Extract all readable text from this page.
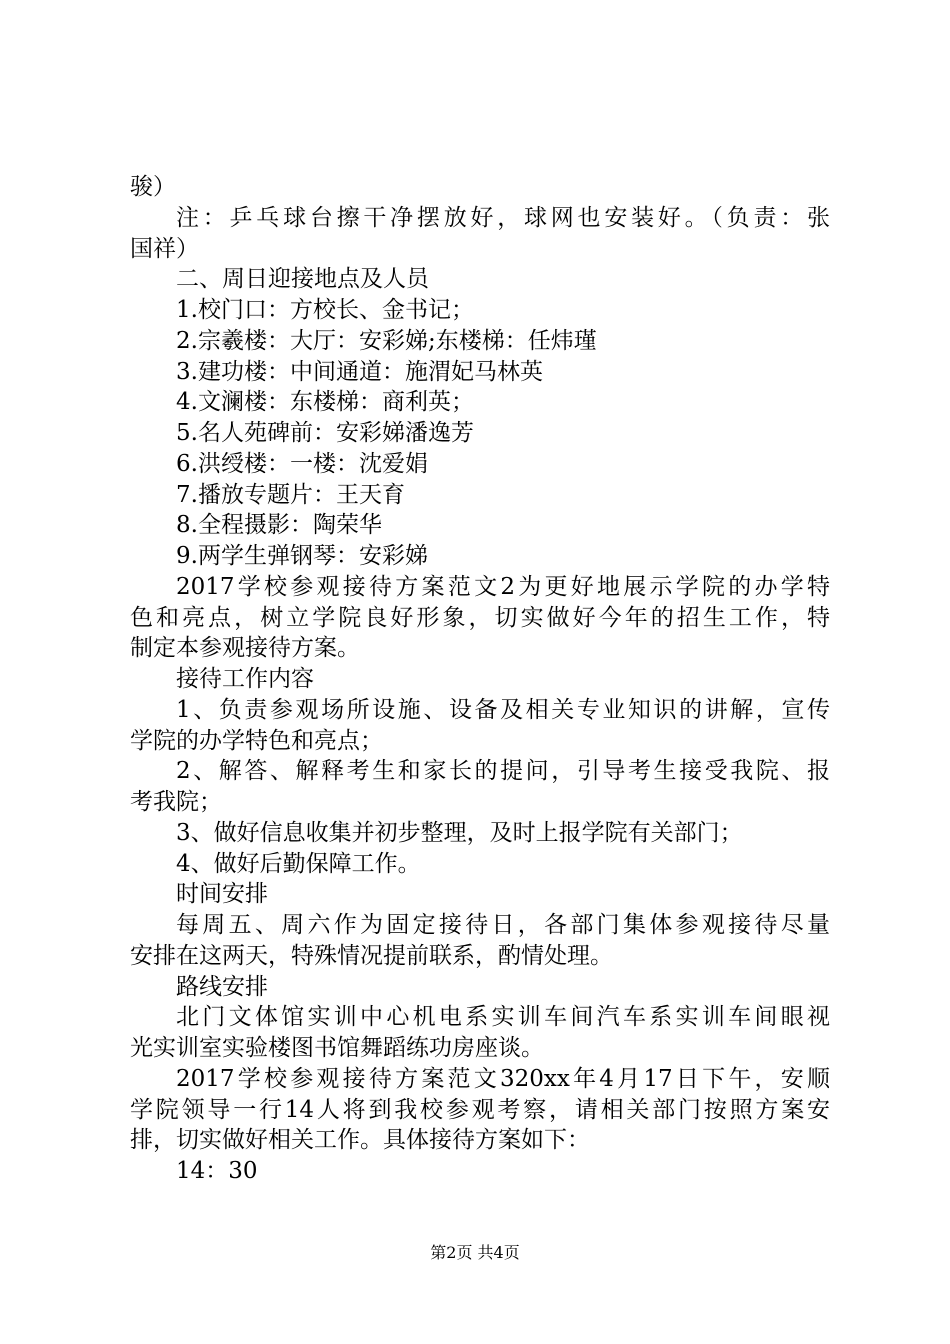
骏）
注：乒乓球台擦干净摆放好，球网也安装好。（负责：张
国祥）
二、周日迎接地点及人员
1.校门口：方校长、金书记；
2.宗羲楼：大厅：安彩娣;东楼梯：任炜瑾
3.建功楼：中间通道：施渭妃马林英
4.文澜楼：东楼梯：商利英；
5.名人苑碑前：安彩娣潘逸芳
6.洪绶楼：一楼：沈爱娟
7.播放专题片：王天育
8.全程摄影：陶荣华
9.两学生弹钢琴：安彩娣
2017学校参观接待方案范文2为更好地展示学院的办学特
色和亮点，树立学院良好形象，切实做好今年的招生工作，特
制定本参观接待方案。
接待工作内容
1、负责参观场所设施、设备及相关专业知识的讲解，宣传
学院的办学特色和亮点；
2、解答、解释考生和家长的提问，引导考生接受我院、报
考我院；
3、做好信息收集并初步整理，及时上报学院有关部门；
4、做好后勤保障工作。
时间安排
每周五、周六作为固定接待日，各部门集体参观接待尽量
安排在这两天，特殊情况提前联系，酌情处理。
路线安排
北门文体馆实训中心机电系实训车间汽车系实训车间眼视
光实训室实验楼图书馆舞蹈练功房座谈。
2017学校参观接待方案范文320xx年4月17日下午，安顺
学院领导一行14人将到我校参观考察，请相关部门按照方案安
排，切实做好相关工作。具体接待方案如下：
14：30
第2页 共4页
